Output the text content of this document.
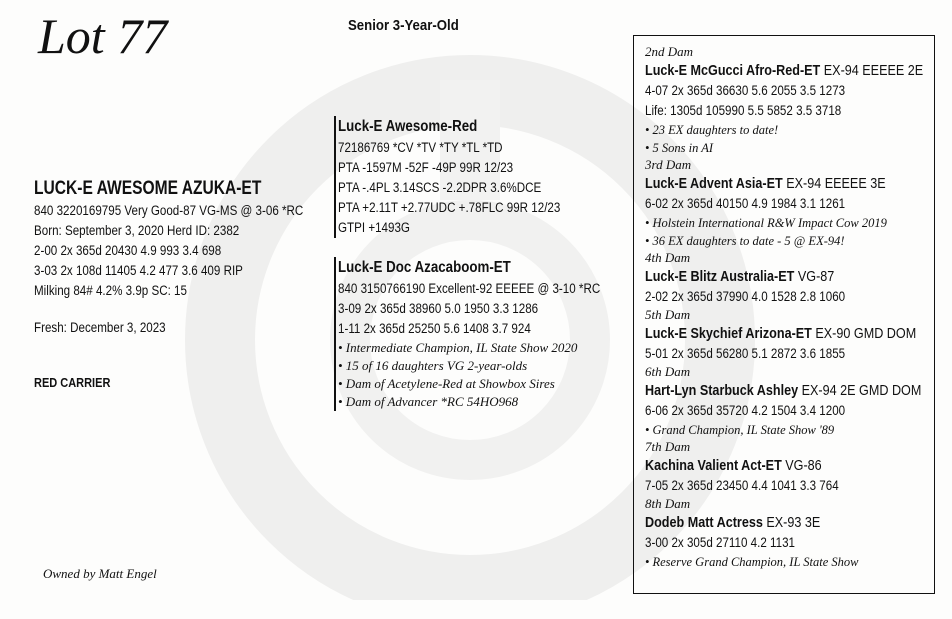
Lot 77	Senior 3-Year-Old
LUCK-E AWESOME AZUKA-ET
840 3220169795 Very Good-87 VG-MS @ 3-06 *RC
Born: September 3, 2020 Herd ID: 2382
2-00 2x 365d 20430 4.9 993 3.4 698
3-03 2x 108d 11405 4.2 477 3.6 409 RIP
Milking 84# 4.2% 3.9p SC: 15
Fresh: December 3, 2023
RED CARRIER
Owned by Matt Engel
Luck-E Awesome-Red
72186769 *CV *TV *TY *TL *TD
PTA -1597M -52F -49P 99R 12/23
PTA -.4PL 3.14SCS -2.2DPR 3.6%DCE
PTA +2.11T +2.77UDC +.78FLC 99R 12/23
GTPI +1493G
Luck-E Doc Azacaboom-ET
840 3150766190 Excellent-92 EEEEE @ 3-10 *RC
3-09 2x 365d 38960 5.0 1950 3.3 1286
1-11 2x 365d 25250 5.6 1408 3.7 924
• Intermediate Champion, IL State Show 2020
• 15 of 16 daughters VG 2-year-olds
• Dam of Acetylene-Red at Showbox Sires
• Dam of Advancer *RC 54HO968
2nd Dam
Luck-E McGucci Afro-Red-ET EX-94 EEEEE 2E
4-07 2x 365d 36630 5.6 2055 3.5 1273
Life: 1305d 105990 5.5 5852 3.5 3718
• 23 EX daughters to date!
• 5 Sons in AI
3rd Dam
Luck-E Advent Asia-ET EX-94 EEEEE 3E
6-02 2x 365d 40150 4.9 1984 3.1 1261
• Holstein International R&W Impact Cow 2019
• 36 EX daughters to date - 5 @ EX-94!
4th Dam
Luck-E Blitz Australia-ET VG-87
2-02 2x 365d 37990 4.0 1528 2.8 1060
5th Dam
Luck-E Skychief Arizona-ET EX-90 GMD DOM
5-01 2x 365d 56280 5.1 2872 3.6 1855
6th Dam
Hart-Lyn Starbuck Ashley EX-94 2E GMD DOM
6-06 2x 365d 35720 4.2 1504 3.4 1200
• Grand Champion, IL State Show '89
7th Dam
Kachina Valient Act-ET VG-86
7-05 2x 365d 23450 4.4 1041 3.3 764
8th Dam
Dodeb Matt Actress EX-93 3E
3-00 2x 305d 27110 4.2 1131
• Reserve Grand Champion, IL State Show
